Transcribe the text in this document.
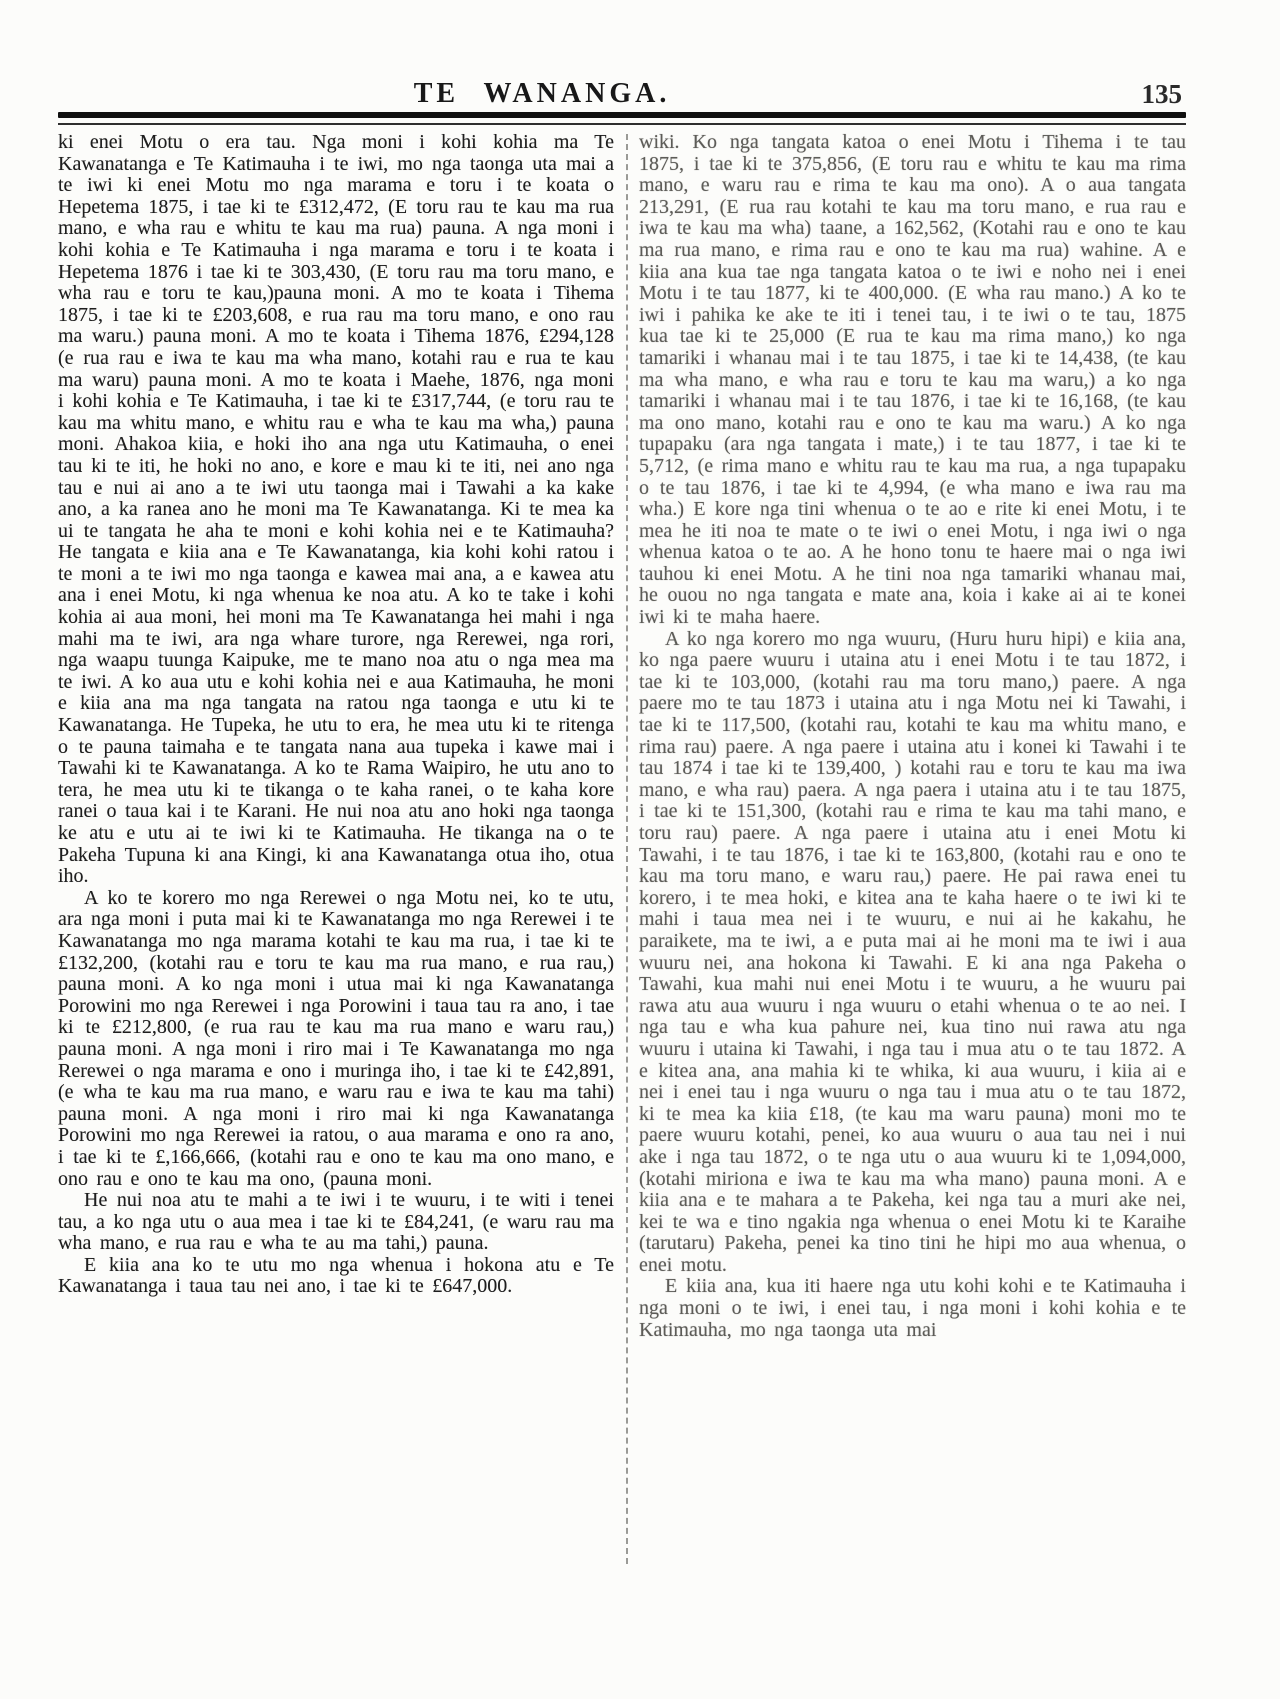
TE WANANGA.	135

ki enei Motu o era tau. Nga moni i kohi kohia ma Te Kawanatanga e Te Katimauha i te iwi, mo nga taonga uta mai a te iwi ki enei Motu mo nga marama e toru i te koata o Hepetema 1875, i tae ki te £312,472, (E toru rau te kau ma rua mano, e wha rau e whitu te kau ma rua) pauna. A nga moni i kohi kohia e Te Katimauha i nga marama e toru i te koata i Hepetema 1876 i tae ki te 303,430, (E toru rau ma toru mano, e wha rau e toru te kau,)pauna moni. A mo te koata i Tihema 1875, i tae ki te £203,608, e rua rau ma toru mano, e ono rau ma waru.) pauna moni. A mo te koata i Tihema 1876, £294,128 (e rua rau e iwa te kau ma wha mano, kotahi rau e rua te kau ma waru) pauna moni. A mo te koata i Maehe, 1876, nga moni i kohi kohia e Te Katimauha, i tae ki te £317,744, (e toru rau te kau ma whitu mano, e whitu rau e wha te kau ma wha,) pauna moni. Ahakoa kiia, e hoki iho ana nga utu Katimauha, o enei tau ki te iti, he hoki no ano, e kore e mau ki te iti, nei ano nga tau e nui ai ano a te iwi utu taonga mai i Tawahi a ka kake ano, a ka ranea ano he moni ma Te Kawanatanga. Ki te mea ka ui te tangata he aha te moni e kohi kohia nei e te Katimauha? He tangata e kiia ana e Te Kawanatanga, kia kohi kohi ratou i te moni a te iwi mo nga taonga e kawea mai ana, a e kawea atu ana i enei Motu, ki nga whenua ke noa atu. A ko te take i kohi kohia ai aua moni, hei moni ma Te Kawanatanga hei mahi i nga mahi ma te iwi, ara nga whare turore, nga Rerewei, nga rori, nga waapu tuunga Kaipuke, me te mano noa atu o nga mea ma te iwi. A ko aua utu e kohi kohia nei e aua Katimauha, he moni e kiia ana ma nga tangata na ratou nga taonga e utu ki te Kawanatanga. He Tupeka, he utu to era, he mea utu ki te ritenga o te pauna taimaha e te tangata nana aua tupeka i kawe mai i Tawahi ki te Kawanatanga. A ko te Rama Waipiro, he utu ano to tera, he mea utu ki te tikanga o te kaha ranei, o te kaha kore ranei o taua kai i te Karani. He nui noa atu ano hoki nga taonga ke atu e utu ai te iwi ki te Katimauha. He tikanga na o te Pakeha Tupuna ki ana Kingi, ki ana Kawanatanga otua iho, otua iho.

A ko te korero mo nga Rerewei o nga Motu nei, ko te utu, ara nga moni i puta mai ki te Kawanatanga mo nga Rerewei i te Kawanatanga mo nga marama kotahi te kau ma rua, i tae ki te £132,200, (kotahi rau e toru te kau ma rua mano, e rua rau,) pauna moni. A ko nga moni i utua mai ki nga Kawanatanga Porowini mo nga Rerewei i nga Porowini i taua tau ra ano, i tae ki te £212,800, (e rua rau te kau ma rua mano e waru rau,) pauna moni. A nga moni i riro mai i Te Kawanatanga mo nga Rerewei o nga marama e ono i muringa iho, i tae ki te £42,891, (e wha te kau ma rua mano, e waru rau e iwa te kau ma tahi) pauna moni. A nga moni i riro mai ki nga Kawanatanga Porowini mo nga Rerewei ia ratou, o aua marama e ono ra ano, i tae ki te £,166,666, (kotahi rau e ono te kau ma ono mano, e ono rau e ono te kau ma ono, (pauna moni.

He nui noa atu te mahi a te iwi i te wuuru, i te witi i tenei tau, a ko nga utu o aua mea i tae ki te £84,241, (e waru rau ma wha mano, e rua rau e wha te au ma tahi,) pauna.

E kiia ana ko te utu mo nga whenua i hokona atu e Te Kawanatanga i taua tau nei ano, i tae ki te £647,000.

wiki. Ko nga tangata katoa o enei Motu i Tihema i te tau 1875, i tae ki te 375,856, (E toru rau e whitu te kau ma rima mano, e waru rau e rima te kau ma ono). A o aua tangata 213,291, (E rua rau kotahi te kau ma toru mano, e rua rau e iwa te kau ma wha) taane, a 162,562, (Kotahi rau e ono te kau ma rua mano, e rima rau e ono te kau ma rua) wahine. A e kiia ana kua tae nga tangata katoa o te iwi e noho nei i enei Motu i te tau 1877, ki te 400,000. (E wha rau mano.) A ko te iwi i pahika ke ake te iti i tenei tau, i te iwi o te tau, 1875 kua tae ki te 25,000 (E rua te kau ma rima mano,) ko nga tamariki i whanau mai i te tau 1875, i tae ki te 14,438, (te kau ma wha mano, e wha rau e toru te kau ma waru,) a ko nga tamariki i whanau mai i te tau 1876, i tae ki te 16,168, (te kau ma ono mano, kotahi rau e ono te kau ma waru.) A ko nga tupapaku (ara nga tangata i mate,) i te tau 1877, i tae ki te 5,712, (e rima mano e whitu rau te kau ma rua, a nga tupapaku o te tau 1876, i tae ki te 4,994, (e wha mano e iwa rau ma wha.) E kore nga tini whenua o te ao e rite ki enei Motu, i te mea he iti noa te mate o te iwi o enei Motu, i nga iwi o nga whenua katoa o te ao. A he hono tonu te haere mai o nga iwi tauhou ki enei Motu. A he tini noa nga tamariki whanau mai, he ouou no nga tangata e mate ana, koia i kake ai ai te konei iwi ki te maha haere.

A ko nga korero mo nga wuuru, (Huru huru hipi) e kiia ana, ko nga paere wuuru i utaina atu i enei Motu i te tau 1872, i tae ki te 103,000, (kotahi rau ma toru mano,) paere. A nga paere mo te tau 1873 i utaina atu i nga Motu nei ki Tawahi, i tae ki te 117,500, (kotahi rau, kotahi te kau ma whitu mano, e rima rau) paere. A nga paere i utaina atu i konei ki Tawahi i te tau 1874 i tae ki te 139,400, ) kotahi rau e toru te kau ma iwa mano, e wha rau) paera. A nga paera i utaina atu i te tau 1875, i tae ki te 151,300, (kotahi rau e rima te kau ma tahi mano, e toru rau) paere. A nga paere i utaina atu i enei Motu ki Tawahi, i te tau 1876, i tae ki te 163,800, (kotahi rau e ono te kau ma toru mano, e waru rau,) paere. He pai rawa enei tu korero, i te mea hoki, e kitea ana te kaha haere o te iwi ki te mahi i taua mea nei i te wuuru, e nui ai he kakahu, he paraikete, ma te iwi, a e puta mai ai he moni ma te iwi i aua wuuru nei, ana hokona ki Tawahi. E ki ana nga Pakeha o Tawahi, kua mahi nui enei Motu i te wuuru, a he wuuru pai rawa atu aua wuuru i nga wuuru o etahi whenua o te ao nei. I nga tau e wha kua pahure nei, kua tino nui rawa atu nga wuuru i utaina ki Tawahi, i nga tau i mua atu o te tau 1872. A e kitea ana, ana mahia ki te whika, ki aua wuuru, i kiia ai e nei i enei tau i nga wuuru o nga tau i mua atu o te tau 1872, ki te mea ka kiia £18, (te kau ma waru pauna) moni mo te paere wuuru kotahi, penei, ko aua wuuru o aua tau nei i nui ake i nga tau 1872, o te nga utu o aua wuuru ki te 1,094,000, (kotahi miriona e iwa te kau ma wha mano) pauna moni. A e kiia ana e te mahara a te Pakeha, kei nga tau a muri ake nei, kei te wa e tino ngakia nga whenua o enei Motu ki te Karaihe (tarutaru) Pakeha, penei ka tino tini he hipi mo aua whenua, o enei motu.

E kiia ana, kua iti haere nga utu kohi kohi e te Katimauha i nga moni o te iwi, i enei tau, i nga moni i kohi kohia e te Katimauha, mo nga taonga uta mai
